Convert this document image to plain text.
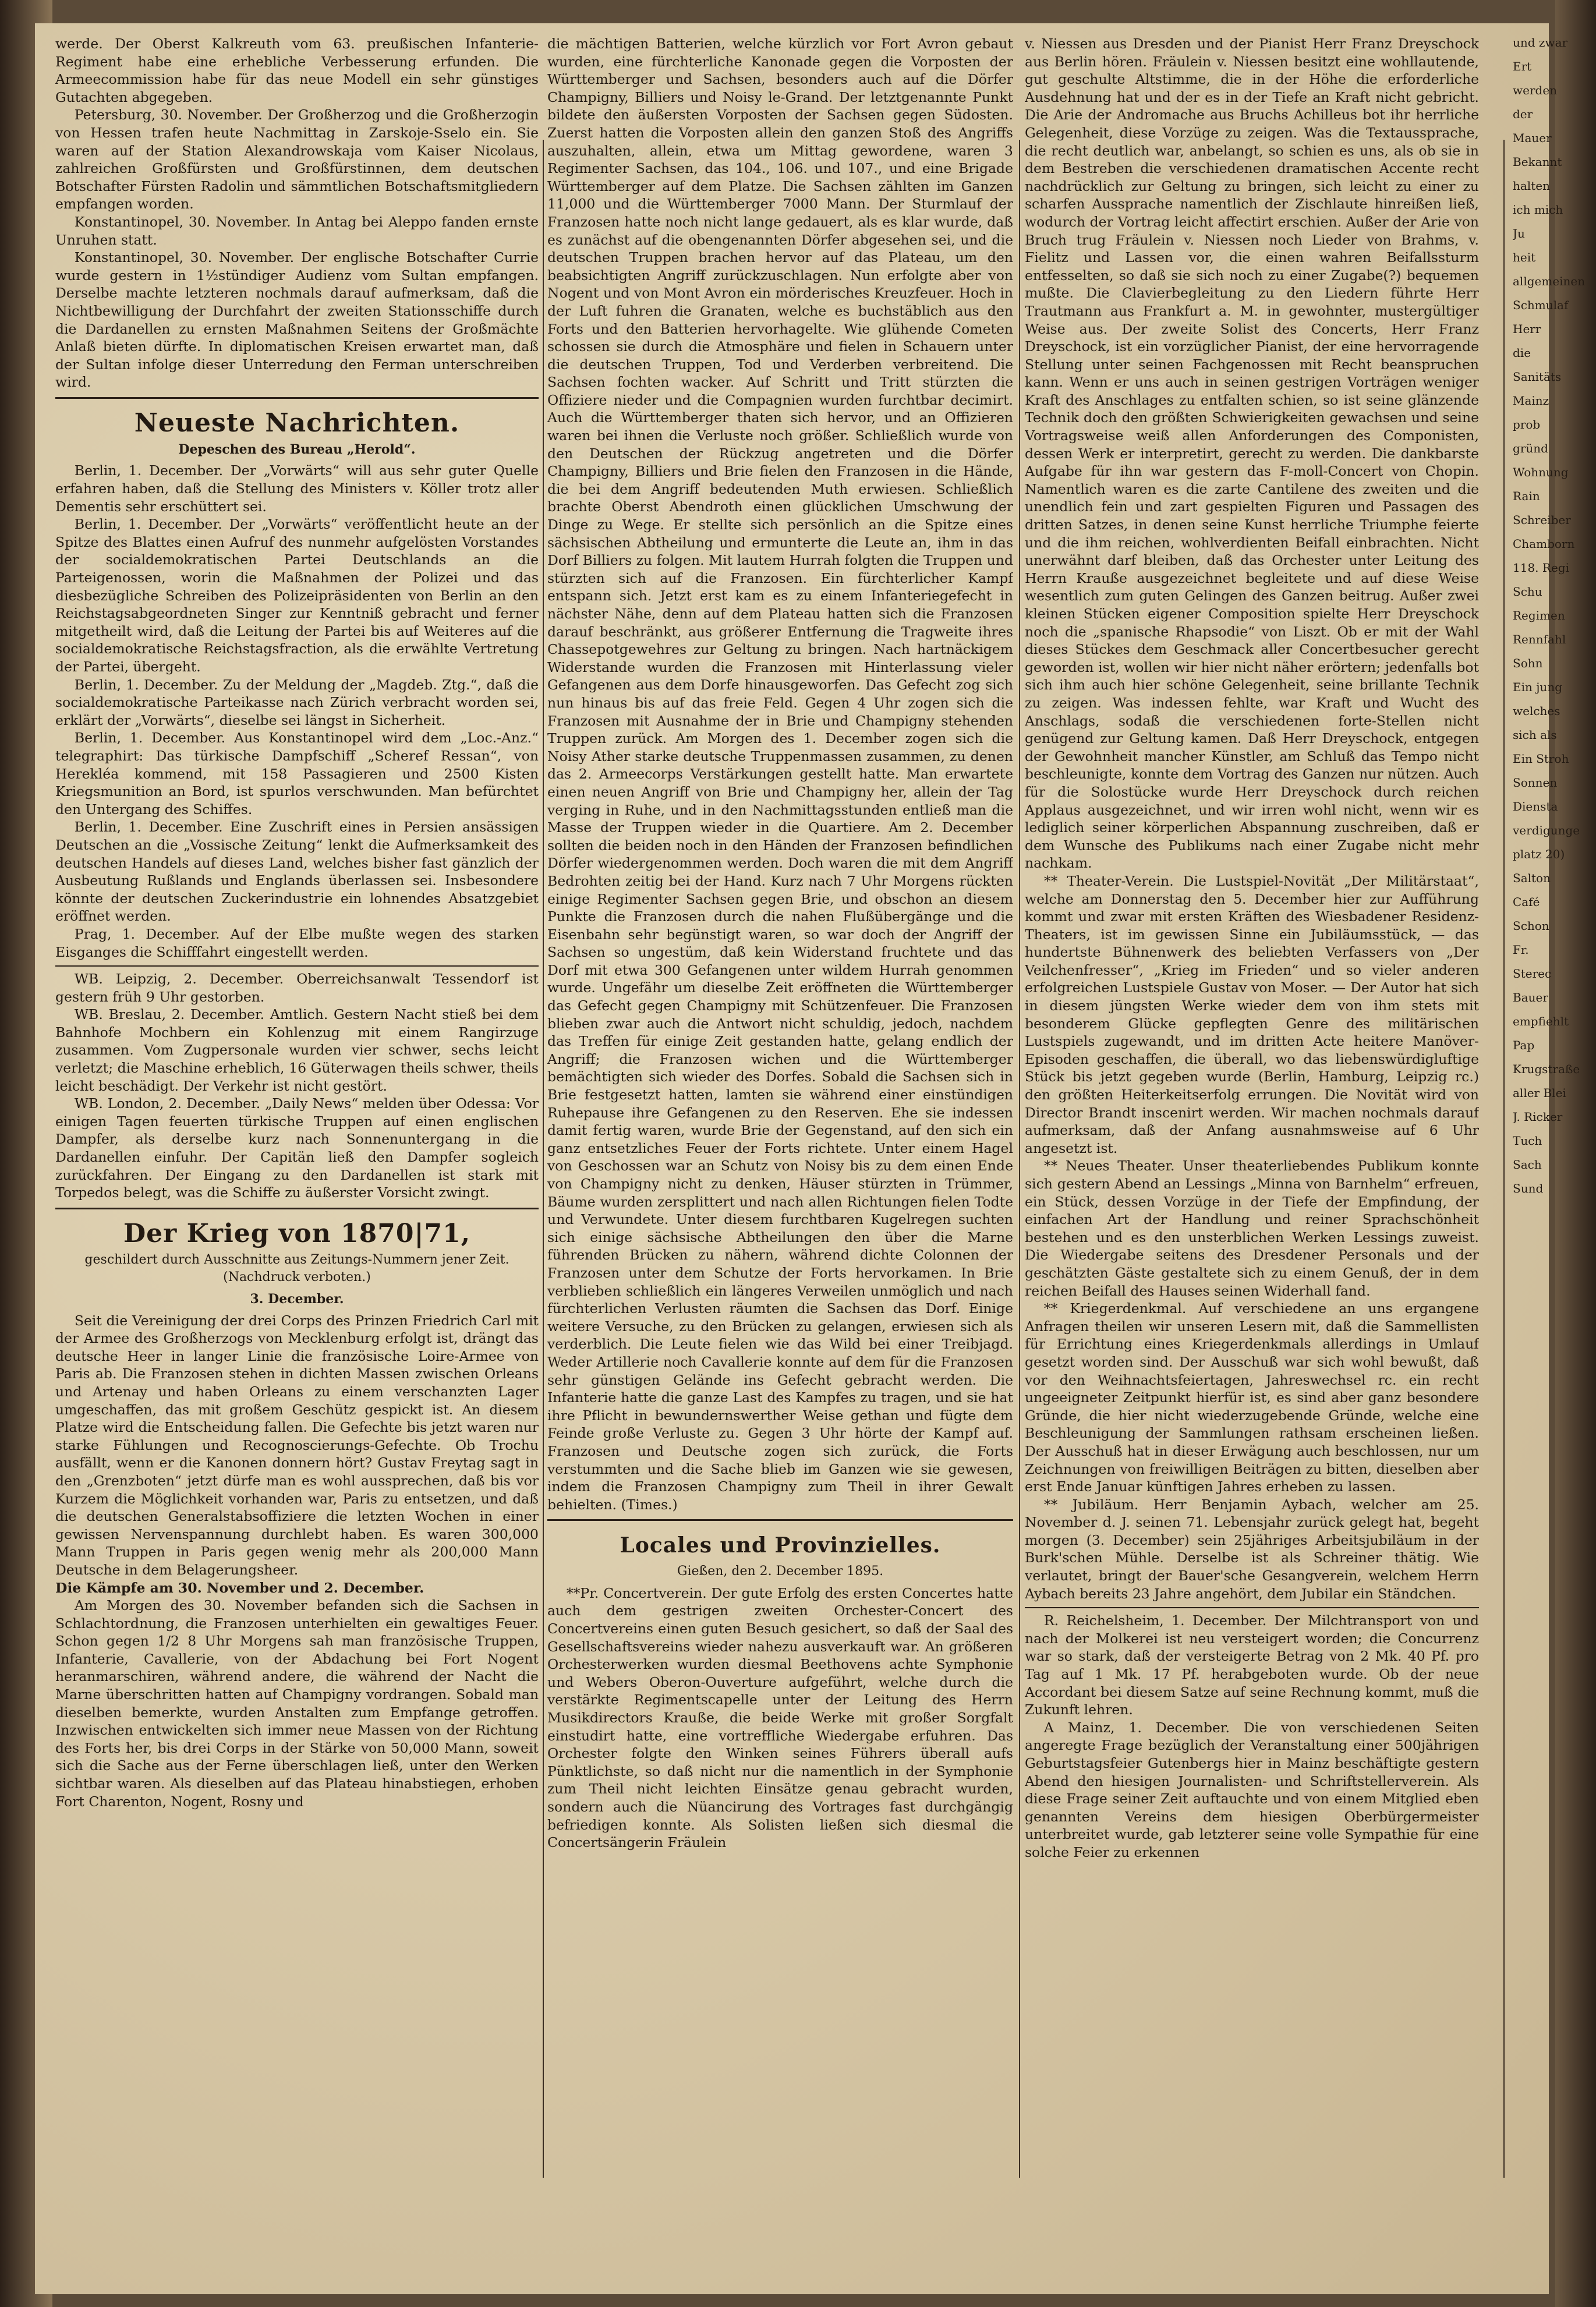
werde. Der Oberst Kalkreuth vom 63. preußischen Infanterie-Regiment habe eine erhebliche Verbesserung erfunden. Die Armeecommission habe für das neue Modell ein sehr günstiges Gutachten abgegeben.

Petersburg, 30. November. Der Großherzog und die Großherzogin von Hessen trafen heute Nachmittag in Zarskoje-Sselo ein. Sie waren auf der Station Alexandrowskaja vom Kaiser Nicolaus, zahlreichen Großfürsten und Großfürstinnen, dem deutschen Botschafter Fürsten Radolin und sämmtlichen Botschaftsmitgliedern empfangen worden.

Konstantinopel, 30. November. In Antag bei Aleppo fanden ernste Unruhen statt.

Konstantinopel, 30. November. Der englische Botschafter Currie wurde gestern in 1½stündiger Audienz vom Sultan empfangen. Derselbe machte letzteren nochmals darauf aufmerksam, daß die Nichtbewilligung der Durchfahrt der zweiten Stationsschiffe durch die Dardanellen zu ernsten Maßnahmen Seitens der Großmächte Anlaß bieten dürfte. In diplomatischen Kreisen erwartet man, daß der Sultan infolge dieser Unterredung den Ferman unterschreiben wird.

Neueste Nachrichten.
Depeschen des Bureau „Herold“.

Berlin, 1. December. Der „Vorwärts“ will aus sehr guter Quelle erfahren haben, daß die Stellung des Ministers v. Köller trotz aller Dementis sehr erschüttert sei.

Berlin, 1. December. Der „Vorwärts“ veröffentlicht heute an der Spitze des Blattes einen Aufruf des nunmehr aufgelösten Vorstandes der socialdemokratischen Partei Deutschlands an die Parteigenossen, worin die Maßnahmen der Polizei und das diesbezügliche Schreiben des Polizeipräsidenten von Berlin an den Reichstagsabgeordneten Singer zur Kenntniß gebracht und ferner mitgetheilt wird, daß die Leitung der Partei bis auf Weiteres auf die socialdemokratische Reichstagsfraction, als die erwählte Vertretung der Partei, übergeht.

Berlin, 1. December. Zu der Meldung der „Magdeb. Ztg.“, daß die socialdemokratische Parteikasse nach Zürich verbracht worden sei, erklärt der „Vorwärts“, dieselbe sei längst in Sicherheit.

Berlin, 1. December. Aus Konstantinopel wird dem „Loc.-Anz.“ telegraphirt: Das türkische Dampfschiff „Scheref Ressan“, von Herekléa kommend, mit 158 Passagieren und 2500 Kisten Kriegsmunition an Bord, ist spurlos verschwunden. Man befürchtet den Untergang des Schiffes.

Berlin, 1. December. Eine Zuschrift eines in Persien ansässigen Deutschen an die „Vossische Zeitung“ lenkt die Aufmerksamkeit des deutschen Handels auf dieses Land, welches bisher fast gänzlich der Ausbeutung Rußlands und Englands überlassen sei. Insbesondere könnte der deutschen Zuckerindustrie ein lohnendes Absatzgebiet eröffnet werden.

Prag, 1. December. Auf der Elbe mußte wegen des starken Eisganges die Schifffahrt eingestellt werden.

WB. Leipzig, 2. December. Oberreichsanwalt Tessendorf ist gestern früh 9 Uhr gestorben.

WB. Breslau, 2. December. Amtlich. Gestern Nacht stieß bei dem Bahnhofe Mochbern ein Kohlenzug mit einem Rangirzuge zusammen. Vom Zugpersonale wurden vier schwer, sechs leicht verletzt; die Maschine erheblich, 16 Güterwagen theils schwer, theils leicht beschädigt. Der Verkehr ist nicht gestört.

WB. London, 2. December. „Daily News“ melden über Odessa: Vor einigen Tagen feuerten türkische Truppen auf einen englischen Dampfer, als derselbe kurz nach Sonnenuntergang in die Dardanellen einfuhr. Der Capitän ließ den Dampfer sogleich zurückfahren. Der Eingang zu den Dardanellen ist stark mit Torpedos belegt, was die Schiffe zu äußerster Vorsicht zwingt.

Der Krieg von 1870|71,
geschildert durch Ausschnitte aus Zeitungs-Nummern jener Zeit. (Nachdruck verboten.)
3. December.

Seit die Vereinigung der drei Corps des Prinzen Friedrich Carl mit der Armee des Großherzogs von Mecklenburg erfolgt ist, drängt das deutsche Heer in langer Linie die französische Loire-Armee von Paris ab. Die Franzosen stehen in dichten Massen zwischen Orleans und Artenay und haben Orleans zu einem verschanzten Lager umgeschaffen, das mit großem Geschütz gespickt ist. An diesem Platze wird die Entscheidung fallen. Die Gefechte bis jetzt waren nur starke Fühlungen und Recognoscierungs-Gefechte. Ob Trochu ausfällt, wenn er die Kanonen donnern hört? Gustav Freytag sagt in den „Grenzboten“ jetzt dürfe man es wohl aussprechen, daß bis vor Kurzem die Möglichkeit vorhanden war, Paris zu entsetzen, und daß die deutschen Generalstabsoffiziere die letzten Wochen in einer gewissen Nervenspannung durchlebt haben. Es waren 300,000 Mann Truppen in Paris gegen wenig mehr als 200,000 Mann Deutsche in dem Belagerungsheer.

Die Kämpfe am 30. November und 2. December.

Am Morgen des 30. November befanden sich die Sachsen in Schlachtordnung, die Franzosen unterhielten ein gewaltiges Feuer. Schon gegen 1/2 8 Uhr Morgens sah man französische Truppen, Infanterie, Cavallerie, von der Abdachung bei Fort Nogent heranmarschiren, während andere, die während der Nacht die Marne überschritten hatten auf Champigny vordrangen. Sobald man dieselben bemerkte, wurden Anstalten zum Empfange getroffen. Inzwischen entwickelten sich immer neue Massen von der Richtung des Forts her, bis drei Corps in der Stärke von 50,000 Mann, soweit sich die Sache aus der Ferne überschlagen ließ, unter den Werken sichtbar waren. Als dieselben auf das Plateau hinabstiegen, erhoben Fort Charenton, Nogent, Rosny und

die mächtigen Batterien, welche kürzlich vor Fort Avron gebaut wurden, eine fürchterliche Kanonade gegen die Vorposten der Württemberger und Sachsen, besonders auch auf die Dörfer Champigny, Billiers und Noisy le-Grand. Der letztgenannte Punkt bildete den äußersten Vorposten der Sachsen gegen Südosten. Zuerst hatten die Vorposten allein den ganzen Stoß des Angriffs auszuhalten, allein, etwa um Mittag gewordene, waren 3 Regimenter Sachsen, das 104., 106. und 107., und eine Brigade Württemberger auf dem Platze. Die Sachsen zählten im Ganzen 11,000 und die Württemberger 7000 Mann. Der Sturmlauf der Franzosen hatte noch nicht lange gedauert, als es klar wurde, daß es zunächst auf die obengenannten Dörfer abgesehen sei, und die deutschen Truppen brachen hervor auf das Plateau, um den beabsichtigten Angriff zurückzuschlagen. Nun erfolgte aber von Nogent und von Mont Avron ein mörderisches Kreuzfeuer. Hoch in der Luft fuhren die Granaten, welche es buchstäblich aus den Forts und den Batterien hervorhagelte. Wie glühende Cometen schossen sie durch die Atmosphäre und fielen in Schauern unter die deutschen Truppen, Tod und Verderben verbreitend. Die Sachsen fochten wacker. Auf Schritt und Tritt stürzten die Offiziere nieder und die Compagnien wurden furchtbar decimirt. Auch die Württemberger thaten sich hervor, und an Offizieren waren bei ihnen die Verluste noch größer. Schließlich wurde von den Deutschen der Rückzug angetreten und die Dörfer Champigny, Billiers und Brie fielen den Franzosen in die Hände, die bei dem Angriff bedeutenden Muth erwiesen. Schließlich brachte Oberst Abendroth einen glücklichen Umschwung der Dinge zu Wege. Er stellte sich persönlich an die Spitze eines sächsischen Abtheilung und ermunterte die Leute an, ihm in das Dorf Billiers zu folgen. Mit lautem Hurrah folgten die Truppen und stürzten sich auf die Franzosen. Ein fürchterlicher Kampf entspann sich. Jetzt erst kam es zu einem Infanteriegefecht in nächster Nähe, denn auf dem Plateau hatten sich die Franzosen darauf beschränkt, aus größerer Entfernung die Tragweite ihres Chassepotgewehres zur Geltung zu bringen. Nach hartnäckigem Widerstande wurden die Franzosen mit Hinterlassung vieler Gefangenen aus dem Dorfe hinausgeworfen. Das Gefecht zog sich nun hinaus bis auf das freie Feld. Gegen 4 Uhr zogen sich die Franzosen mit Ausnahme der in Brie und Champigny stehenden Truppen zurück. Am Morgen des 1. December zogen sich die Noisy Ather starke deutsche Truppenmassen zusammen, zu denen das 2. Armeecorps Verstärkungen gestellt hatte. Man erwartete einen neuen Angriff von Brie und Champigny her, allein der Tag verging in Ruhe, und in den Nachmittagsstunden entließ man die Masse der Truppen wieder in die Quartiere. Am 2. December sollten die beiden noch in den Händen der Franzosen befindlichen Dörfer wiedergenommen werden. Doch waren die mit dem Angriff Bedrohten zeitig bei der Hand. Kurz nach 7 Uhr Morgens rückten einige Regimenter Sachsen gegen Brie, und obschon an diesem Punkte die Franzosen durch die nahen Flußübergänge und die Eisenbahn sehr begünstigt waren, so war doch der Angriff der Sachsen so ungestüm, daß kein Widerstand fruchtete und das Dorf mit etwa 300 Gefangenen unter wildem Hurrah genommen wurde. Ungefähr um dieselbe Zeit eröffneten die Württemberger das Gefecht gegen Champigny mit Schützenfeuer. Die Franzosen blieben zwar auch die Antwort nicht schuldig, jedoch, nachdem das Treffen für einige Zeit gestanden hatte, gelang endlich der Angriff; die Franzosen wichen und die Württemberger bemächtigten sich wieder des Dorfes. Sobald die Sachsen sich in Brie festgesetzt hatten, lamten sie während einer einstündigen Ruhepause ihre Gefangenen zu den Reserven. Ehe sie indessen damit fertig waren, wurde Brie der Gegenstand, auf den sich ein ganz entsetzliches Feuer der Forts richtete. Unter einem Hagel von Geschossen war an Schutz von Noisy bis zu dem einen Ende von Champigny nicht zu denken, Häuser stürzten in Trümmer, Bäume wurden zersplittert und nach allen Richtungen fielen Todte und Verwundete. Unter diesem furchtbaren Kugelregen suchten sich einige sächsische Abtheilungen den über die Marne führenden Brücken zu nähern, während dichte Colonnen der Franzosen unter dem Schutze der Forts hervorkamen. In Brie verblieben schließlich ein längeres Verweilen unmöglich und nach fürchterlichen Verlusten räumten die Sachsen das Dorf. Einige weitere Versuche, zu den Brücken zu gelangen, erwiesen sich als verderblich. Die Leute fielen wie das Wild bei einer Treibjagd. Weder Artillerie noch Cavallerie konnte auf dem für die Franzosen sehr günstigen Gelände ins Gefecht gebracht werden. Die Infanterie hatte die ganze Last des Kampfes zu tragen, und sie hat ihre Pflicht in bewundernswerther Weise gethan und fügte dem Feinde große Verluste zu. Gegen 3 Uhr hörte der Kampf auf. Franzosen und Deutsche zogen sich zurück, die Forts verstummten und die Sache blieb im Ganzen wie sie gewesen, indem die Franzosen Champigny zum Theil in ihrer Gewalt behielten. (Times.)

Locales und Provinzielles.
Gießen, den 2. December 1895.

**Pr. Concertverein. Der gute Erfolg des ersten Concertes hatte auch dem gestrigen zweiten Orchester-Concert des Concertvereins einen guten Besuch gesichert, so daß der Saal des Gesellschaftsvereins wieder nahezu ausverkauft war. An größeren Orchesterwerken wurden diesmal Beethovens achte Symphonie und Webers Oberon-Ouverture aufgeführt, welche durch die verstärkte Regimentscapelle unter der Leitung des Herrn Musikdirectors Krauße, die beide Werke mit großer Sorgfalt einstudirt hatte, eine vortreffliche Wiedergabe erfuhren. Das Orchester folgte den Winken seines Führers überall aufs Pünktlichste, so daß nicht nur die namentlich in der Symphonie zum Theil nicht leichten Einsätze genau gebracht wurden, sondern auch die Nüancirung des Vortrages fast durchgängig befriedigen konnte. Als Solisten ließen sich diesmal die Concertsängerin Fräulein

v. Niessen aus Dresden und der Pianist Herr Franz Dreyschock aus Berlin hören. Fräulein v. Niessen besitzt eine wohllautende, gut geschulte Altstimme, die in der Höhe die erforderliche Ausdehnung hat und der es in der Tiefe an Kraft nicht gebricht. Die Arie der Andromache aus Bruchs Achilleus bot ihr herrliche Gelegenheit, diese Vorzüge zu zeigen. Was die Textaussprache, die recht deutlich war, anbelangt, so schien es uns, als ob sie in dem Bestreben die verschiedenen dramatischen Accente recht nachdrücklich zur Geltung zu bringen, sich leicht zu einer zu scharfen Aussprache namentlich der Zischlaute hinreißen ließ, wodurch der Vortrag leicht affectirt erschien. Außer der Arie von Bruch trug Fräulein v. Niessen noch Lieder von Brahms, v. Fielitz und Lassen vor, die einen wahren Beifallssturm entfesselten, so daß sie sich noch zu einer Zugabe(?) bequemen mußte. Die Clavierbegleitung zu den Liedern führte Herr Trautmann aus Frankfurt a. M. in gewohnter, mustergültiger Weise aus. Der zweite Solist des Concerts, Herr Franz Dreyschock, ist ein vorzüglicher Pianist, der eine hervorragende Stellung unter seinen Fachgenossen mit Recht beanspruchen kann. Wenn er uns auch in seinen gestrigen Vorträgen weniger Kraft des Anschlages zu entfalten schien, so ist seine glänzende Technik doch den größten Schwierigkeiten gewachsen und seine Vortragsweise weiß allen Anforderungen des Componisten, dessen Werk er interpretirt, gerecht zu werden. Die dankbarste Aufgabe für ihn war gestern das F-moll-Concert von Chopin. Namentlich waren es die zarte Cantilene des zweiten und die unendlich fein und zart gespielten Figuren und Passagen des dritten Satzes, in denen seine Kunst herrliche Triumphe feierte und die ihm reichen, wohlverdienten Beifall einbrachten. Nicht unerwähnt darf bleiben, daß das Orchester unter Leitung des Herrn Krauße ausgezeichnet begleitete und auf diese Weise wesentlich zum guten Gelingen des Ganzen beitrug. Außer zwei kleinen Stücken eigener Composition spielte Herr Dreyschock noch die „spanische Rhapsodie“ von Liszt. Ob er mit der Wahl dieses Stückes dem Geschmack aller Concertbesucher gerecht geworden ist, wollen wir hier nicht näher erörtern; jedenfalls bot sich ihm auch hier schöne Gelegenheit, seine brillante Technik zu zeigen. Was indessen fehlte, war Kraft und Wucht des Anschlags, sodaß die verschiedenen forte-Stellen nicht genügend zur Geltung kamen. Daß Herr Dreyschock, entgegen der Gewohnheit mancher Künstler, am Schluß das Tempo nicht beschleunigte, konnte dem Vortrag des Ganzen nur nützen. Auch für die Solostücke wurde Herr Dreyschock durch reichen Applaus ausgezeichnet, und wir irren wohl nicht, wenn wir es lediglich seiner körperlichen Abspannung zuschreiben, daß er dem Wunsche des Publikums nach einer Zugabe nicht mehr nachkam.

** Theater-Verein. Die Lustspiel-Novität „Der Militärstaat“, welche am Donnerstag den 5. December hier zur Aufführung kommt und zwar mit ersten Kräften des Wiesbadener Residenz-Theaters, ist im gewissen Sinne ein Jubiläumsstück, — das hundertste Bühnenwerk des beliebten Verfassers von „Der Veilchenfresser“, „Krieg im Frieden“ und so vieler anderen erfolgreichen Lustspiele Gustav von Moser. — Der Autor hat sich in diesem jüngsten Werke wieder dem von ihm stets mit besonderem Glücke gepflegten Genre des militärischen Lustspiels zugewandt, und im dritten Acte heitere Manöver-Episoden geschaffen, die überall, wo das liebenswürdigluftige Stück bis jetzt gegeben wurde (Berlin, Hamburg, Leipzig rc.) den größten Heiterkeitserfolg errungen. Die Novität wird von Director Brandt inscenirt werden. Wir machen nochmals darauf aufmerksam, daß der Anfang ausnahmsweise auf 6 Uhr angesetzt ist.

** Neues Theater. Unser theaterliebendes Publikum konnte sich gestern Abend an Lessings „Minna von Barnhelm“ erfreuen, ein Stück, dessen Vorzüge in der Tiefe der Empfindung, der einfachen Art der Handlung und reiner Sprachschönheit bestehen und es den unsterblichen Werken Lessings zuweist. Die Wiedergabe seitens des Dresdener Personals und der geschätzten Gäste gestaltete sich zu einem Genuß, der in dem reichen Beifall des Hauses seinen Widerhall fand.

** Kriegerdenkmal. Auf verschiedene an uns ergangene Anfragen theilen wir unseren Lesern mit, daß die Sammellisten für Errichtung eines Kriegerdenkmals allerdings in Umlauf gesetzt worden sind. Der Ausschuß war sich wohl bewußt, daß vor den Weihnachtsfeiertagen, Jahreswechsel rc. ein recht ungeeigneter Zeitpunkt hierfür ist, es sind aber ganz besondere Gründe, die hier nicht wiederzugebende Gründe, welche eine Beschleunigung der Sammlungen rathsam erscheinen ließen. Der Ausschuß hat in dieser Erwägung auch beschlossen, nur um Zeichnungen von freiwilligen Beiträgen zu bitten, dieselben aber erst Ende Januar künftigen Jahres erheben zu lassen.

** Jubiläum. Herr Benjamin Aybach, welcher am 25. November d. J. seinen 71. Lebensjahr zurück gelegt hat, begeht morgen (3. December) sein 25jähriges Arbeitsjubiläum in der Burk'schen Mühle. Derselbe ist als Schreiner thätig. Wie verlautet, bringt der Bauer'sche Gesangverein, welchem Herrn Aybach bereits 23 Jahre angehört, dem Jubilar ein Ständchen.

R. Reichelsheim, 1. December. Der Milchtransport von und nach der Molkerei ist neu versteigert worden; die Concurrenz war so stark, daß der versteigerte Betrag von 2 Mk. 40 Pf. pro Tag auf 1 Mk. 17 Pf. herabgeboten wurde. Ob der neue Accordant bei diesem Satze auf seine Rechnung kommt, muß die Zukunft lehren.

A Mainz, 1. December. Die von verschiedenen Seiten angeregte Frage bezüglich der Veranstaltung einer 500jährigen Geburtstagsfeier Gutenbergs hier in Mainz beschäftigte gestern Abend den hiesigen Journalisten- und Schriftstellerverein. Als diese Frage seiner Zeit auftauchte und von einem Mitglied eben genannten Vereins dem hiesigen Oberbürgermeister unterbreitet wurde, gab letzterer seine volle Sympathie für eine solche Feier zu erkennen

und zwar
Ert
werden
der
Mauer
Bekannt
halten
ich mich
Ju
heit
allgemeinen
Schmulaf
Herr
die
Sanitäts
Mainz
prob
gründ
Wohnung
Rain
Schreiber
Chamborn
118. Regi
Schu
Regimen
Rennfahl
Sohn
Ein jung
welches
sich als
Ein Stroh
Sonnen
Diensta
verdigunge
platz 20)
Salton
Café
Schon
Fr.
Sterec
Bauer
empfiehlt
Pap
Krugstraße
aller Blei
J. Ricker
Tuch
Sach
Sund
